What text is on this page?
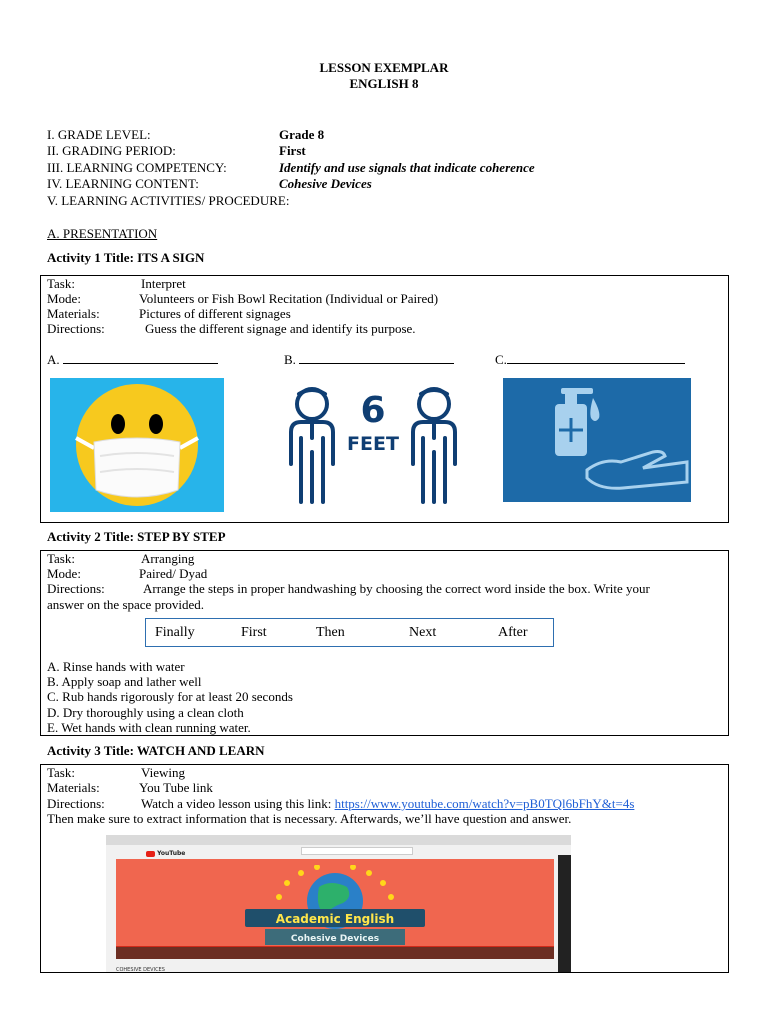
LESSON EXEMPLAR
ENGLISH 8
I. GRADE LEVEL:	Grade 8
II. GRADING PERIOD:	First
III. LEARNING COMPETENCY:	Identify and use signals that indicate coherence
IV. LEARNING CONTENT:	Cohesive Devices
V. LEARNING ACTIVITIES/ PROCEDURE:
A. PRESENTATION
Activity 1 Title: ITS A SIGN
Task:	Interpret
Mode:	Volunteers or Fish Bowl Recitation (Individual or Paired)
Materials:	Pictures of different signages
Directions:	Guess the different signage and identify its purpose.
A.	B.	C.
6
FEET
Activity 2 Title: STEP BY STEP
Task:	Arranging
Mode:	Paired/ Dyad
Directions:	Arrange the steps in proper handwashing by choosing the correct word inside the box. Write your
answer on the space provided.
Finally	First	Then	Next	After
A. Rinse hands with water
B. Apply soap and lather well
C. Rub hands rigorously for at least 20 seconds
D. Dry thoroughly using a clean cloth
E. Wet hands with clean running water.
Activity 3 Title: WATCH AND LEARN
Task:	Viewing
Materials:	You Tube link
Directions:	Watch a video lesson using this link: https://www.youtube.com/watch?v=pB0TQl6bFhY&t=4s
Then make sure to extract information that is necessary. Afterwards, we’ll have question and answer.
YouTube
Academic English
Cohesive Devices
COHESIVE DEVICES
